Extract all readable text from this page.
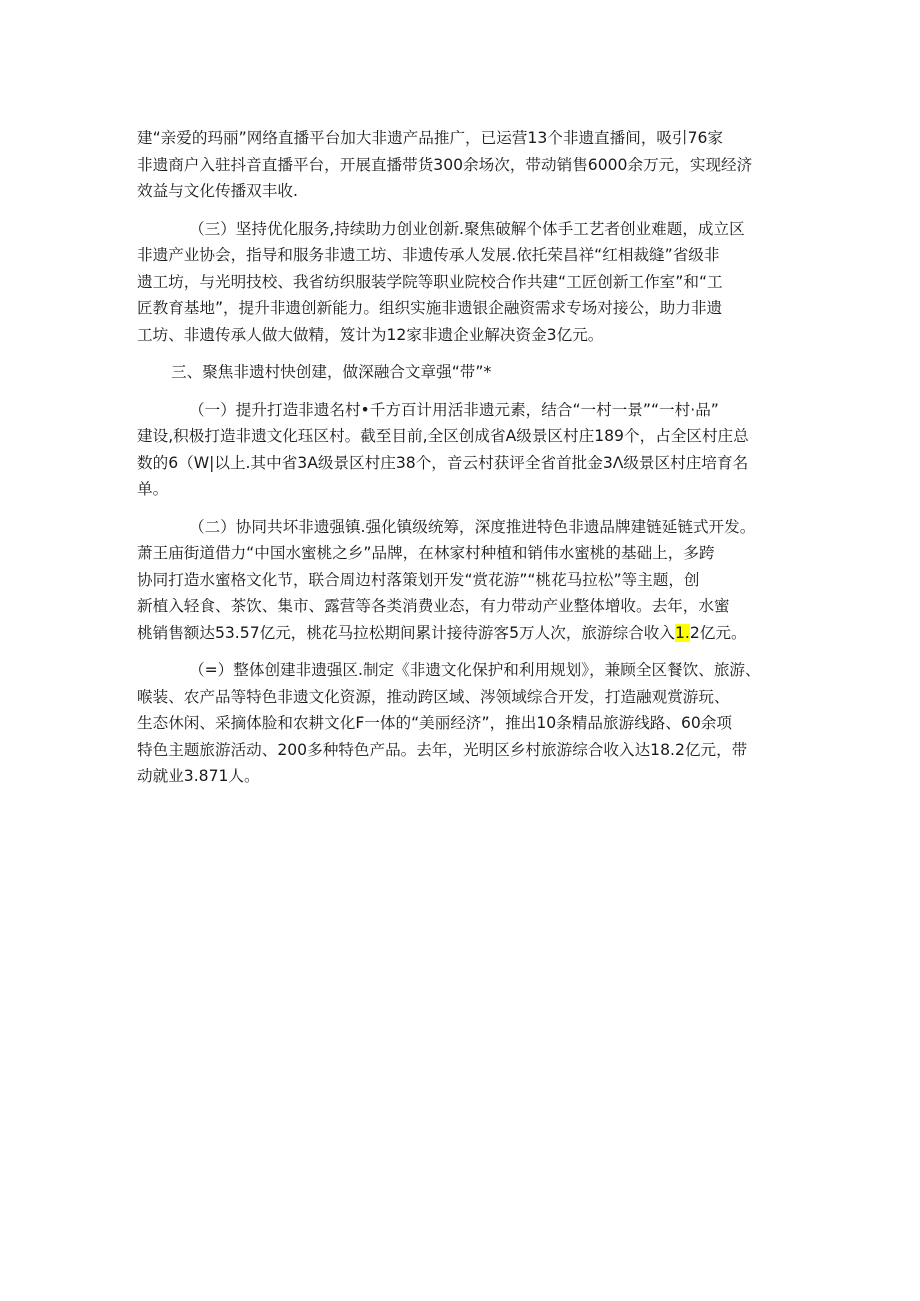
建“亲爱的玛丽”网络直播平台加大非遗产品推广，已运营13个非遗直播间，吸引76家
非遗商户入驻抖音直播平台，开展直播带货300余场次，带动销售6000余万元，实现经济
效益与文化传播双丰收.

（三）坚持优化服务,持续助力创业创新.聚焦破解个体手工艺者创业难题，成立区
非遗产业协会，指导和服务非遗工坊、非遗传承人发展.依托荣昌祥“红相裁缝”省级非
遗工坊，与光明技校、我省纺织服装学院等职业院校合作共建“工匠创新工作室”和“工
匠教育基地”，提升非遗创新能力。组织实施非遗银企融资需求专场对接公，助力非遗
工坊、非遗传承人做大做精，笈计为12家非遗企业解决资金3亿元。

三、聚焦非遗村快创建，做深融合文章强“带”*

（一）提升打造非遗名村•千方百计用活非遗元素，结合“一村一景”“一村·品”
建设,积极打造非遗文化珏区村。截至目前,全区创成省A级景区村庄189个，占全区村庄总
数的6（W|以上.其中省3A级景区村庄38个，音云村获评全省首批金3Λ级景区村庄培育名
单。

（二）协同共坏非遗强镇.强化镇级统筹，深度推进特色非遗品牌建链延链式开发。
萧王庙街道借力“中国水蜜桃之乡”品牌，在林家村种植和销伟水蜜桃的基础上，多跨
协同打造水蜜格文化节，联合周边村落策划开发“赏花游”“桃花马拉松”等主题，创
新植入轻食、茶饮、集市、露营等各类消费业态，有力带动产业整体增收。去年，水蜜
桃销售额达53.57亿元，桃花马拉松期间累计接待游客5万人次，旅游综合收入1.2亿元。

（=）整体创建非遗强区.制定《非遗文化保护和利用规划》，兼顾全区餐饮、旅游、
喉装、农产品等特色非遗文化资源，推动跨区域、涔领域综合开发，打造融观赏游玩、
生态休闲、采摘体脸和农耕文化F一体的“美丽经济”，推出10条精品旅游线路、60余项
特色主题旅游活动、200多种特色产品。去年，光明区乡村旅游综合收入达18.2亿元，带
动就业3.871人。
